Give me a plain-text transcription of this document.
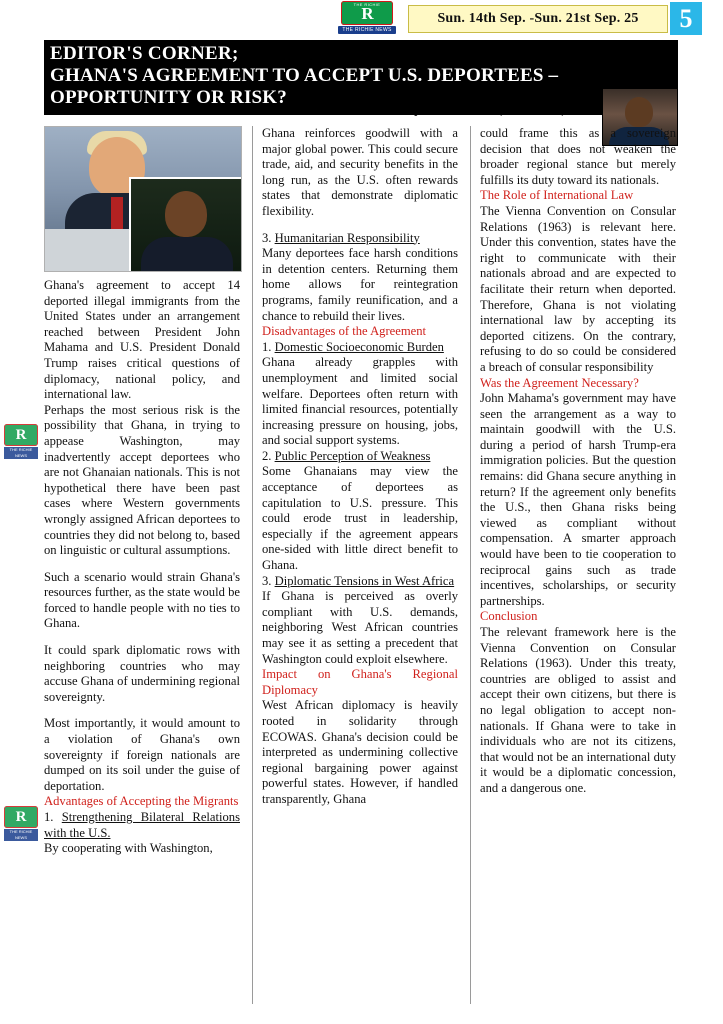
THE RICHIE
R
THE RICHIE NEWS
Sun. 14th Sep. -Sun. 21st Sep. 25	5
EDITOR'S CORNER;
GHANA'S AGREEMENT TO ACCEPT U.S. DEPORTEES –
OPPORTUNITY OR RISK?
By-Kofi Marfo (Sir Richie)
R
THE RICHIE NEWS
R
THE RICHIE NEWS

Ghana's agreement to accept 14 deported illegal immigrants from the United States under an arrangement reached between President John Mahama and U.S. President Donald Trump raises critical questions of diplomacy, national policy, and international law.

Perhaps the most serious risk is the possibility that Ghana, in trying to appease Washington, may inadvertently accept deportees who are not Ghanaian nationals. This is not hypothetical there have been past cases where Western governments wrongly assigned African deportees to countries they did not belong to, based on linguistic or cultural assumptions.

Such a scenario would strain Ghana's resources further, as the state would be forced to handle people with no ties to Ghana.

It could spark diplomatic rows with neighboring countries who may accuse Ghana of undermining regional sovereignty.

Most importantly, it would amount to a violation of Ghana's own sovereignty if foreign nationals are dumped on its soil under the guise of deportation.

Advantages of Accepting the Migrants

1. Strengthening Bilateral Relations with the U.S.

By cooperating with Washington,

Ghana reinforces goodwill with a major global power. This could secure trade, aid, and security benefits in the long run, as the U.S. often rewards states that demonstrate diplomatic flexibility.

3. Humanitarian Responsibility

Many deportees face harsh conditions in detention centers. Returning them home allows for reintegration programs, family reunification, and a chance to rebuild their lives.

Disadvantages of the Agreement

1. Domestic Socioeconomic Burden

Ghana already grapples with unemployment and limited social welfare. Deportees often return with limited financial resources, potentially increasing pressure on housing, jobs, and social support systems.

2. Public Perception of Weakness

Some Ghanaians may view the acceptance of deportees as capitulation to U.S. pressure. This could erode trust in leadership, especially if the agreement appears one-sided with little direct benefit to Ghana.

3. Diplomatic Tensions in West Africa

If Ghana is perceived as overly compliant with U.S. demands, neighboring West African countries may see it as setting a precedent that Washington could exploit elsewhere.

Impact on Ghana's Regional Diplomacy

West African diplomacy is heavily rooted in solidarity through ECOWAS. Ghana's decision could be interpreted as undermining collective regional bargaining power against powerful states. However, if handled transparently, Ghana

could frame this as a sovereign decision that does not weaken the broader regional stance but merely fulfills its duty toward its nationals.

The Role of International Law

The Vienna Convention on Consular Relations (1963) is relevant here. Under this convention, states have the right to communicate with their nationals abroad and are expected to facilitate their return when deported. Therefore, Ghana is not violating international law by accepting its deported citizens. On the contrary, refusing to do so could be considered a breach of consular responsibility

Was the Agreement Necessary?

John Mahama's government may have seen the arrangement as a way to maintain goodwill with the U.S. during a period of harsh Trump-era immigration policies. But the question remains: did Ghana secure anything in return? If the agreement only benefits the U.S., then Ghana risks being viewed as compliant without compensation. A smarter approach would have been to tie cooperation to reciprocal gains such as trade incentives, scholarships, or security partnerships.

Conclusion

The relevant framework here is the Vienna Convention on Consular Relations (1963). Under this treaty, countries are obliged to assist and accept their own citizens, but there is no legal obligation to accept non-nationals. If Ghana were to take in individuals who are not its citizens, that would not be an international duty it would be a diplomatic concession, and a dangerous one.
